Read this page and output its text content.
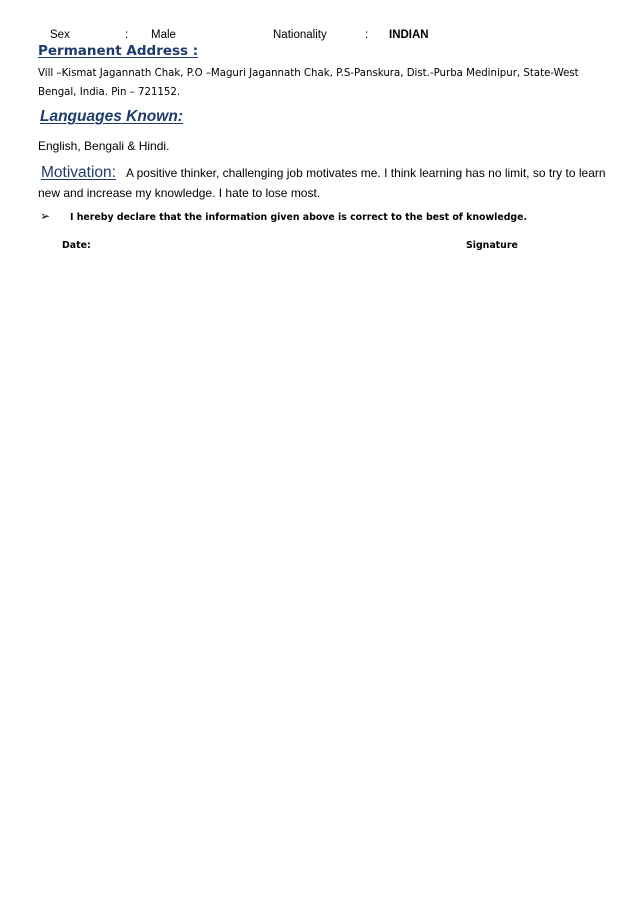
Sex	: Male	Nationality	: INDIAN
Permanent Address :
Vill –Kismat Jagannath Chak, P.O –Maguri Jagannath Chak, P.S-Panskura, Dist.-Purba Medinipur, State-West Bengal, India. Pin – 721152.
Languages Known:
English, Bengali & Hindi.
Motivation: A positive thinker, challenging job motivates me. I think learning has no limit, so try to learn new and increase my knowledge. I hate to lose most.
➢ I hereby declare that the information given above is correct to the best of knowledge.
Date:	Signature
